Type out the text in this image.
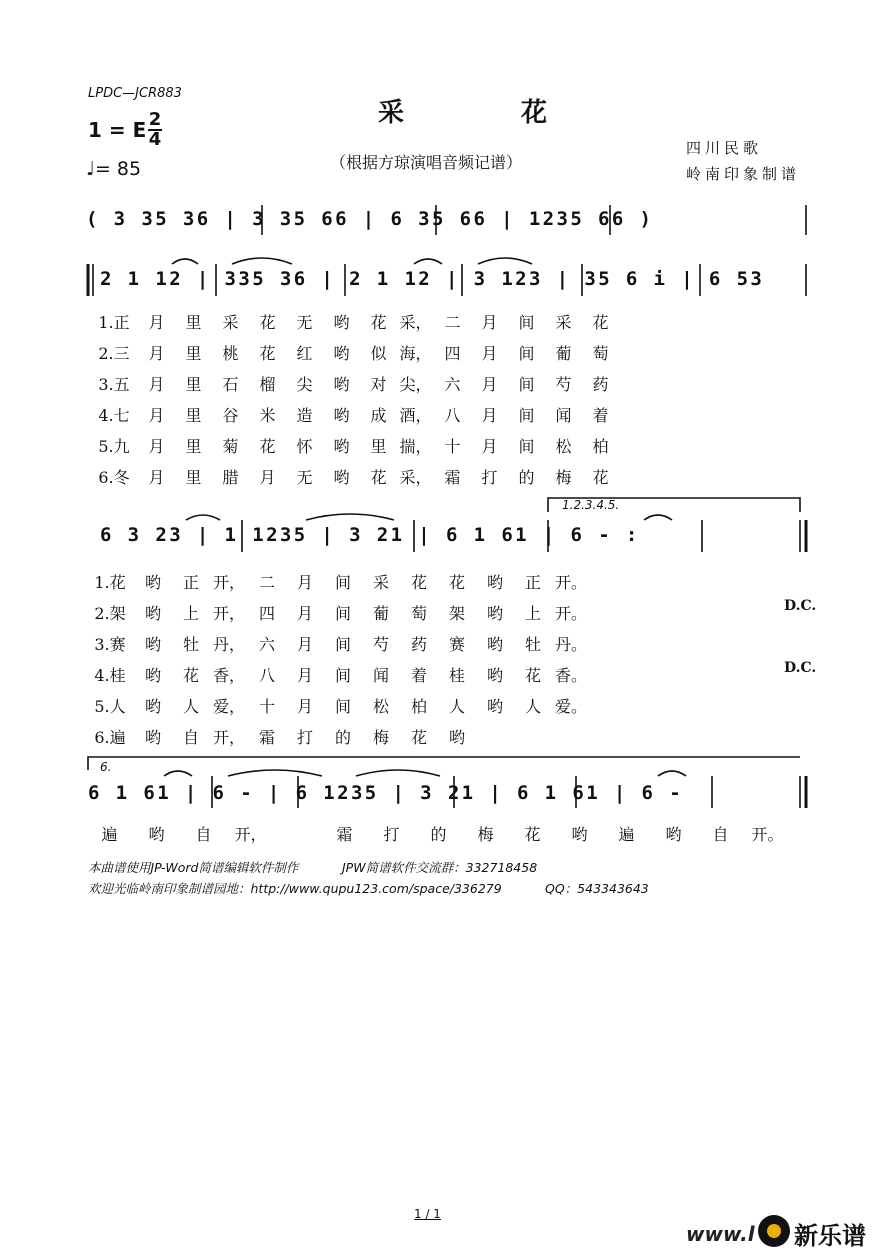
LPDC—JCR883
采 花
1 = E 2
4
♩= 85	（根据方琼演唱音频记谱）
四川民歌
岭南印象制谱
( 3 35 36 | 3 35 66 | 6 35 66 | 1235 66 )
2 1 12 | 335 36 | 2 1 12 | 3 123 | 35 6 i | 6 53
1.正 月 里 采 花 无 哟 花 采， 二 月 间 采 花
2.三 月 里 桃 花 红 哟 似 海， 四 月 间 葡 萄
3.五 月 里 石 榴 尖 哟 对 尖， 六 月 间 芍 药
4.七 月 里 谷 米 造 哟 成 酒， 八 月 间 闻 着
5.九 月 里 菊 花 怀 哟 里 揣， 十 月 间 松 柏
6.冬 月 里 腊 月 无 哟 花 采， 霜 打 的 梅 花
1.2.3.4.5.
6 3 23 | 1 1235 | 3 21 | 6 1 61 | 6 - :
1.花 哟 正 开， 二 月 间 采 花 花 哟 正 开。
2.架 哟 上 开， 四 月 间 葡 萄 架 哟 上 开。
3.赛 哟 牡 丹， 六 月 间 芍 药 赛 哟 牡 丹。
4.桂 哟 花 香， 八 月 间 闻 着 桂 哟 花 香。
5.人 哟 人 爱， 十 月 间 松 柏 人 哟 人 爱。
6.遍 哟 自 开， 霜 打 的 梅 花 哟
D.C.
D.C.
6.
6 1 61 | 6 - | 6 1235 | 3 21 | 6 1 61 | 6 -
遍 哟 自 开，	霜 打 的 梅 花 哟 遍 哟 自 开。
本曲谱使用JP-Word简谱编辑软件制作	JPW简谱软件交流群：332718458
欢迎光临岭南印象制谱园地：http://www.qupu123.com/space/336279	QQ：543343643
1 / 1
www.l 新乐谱
